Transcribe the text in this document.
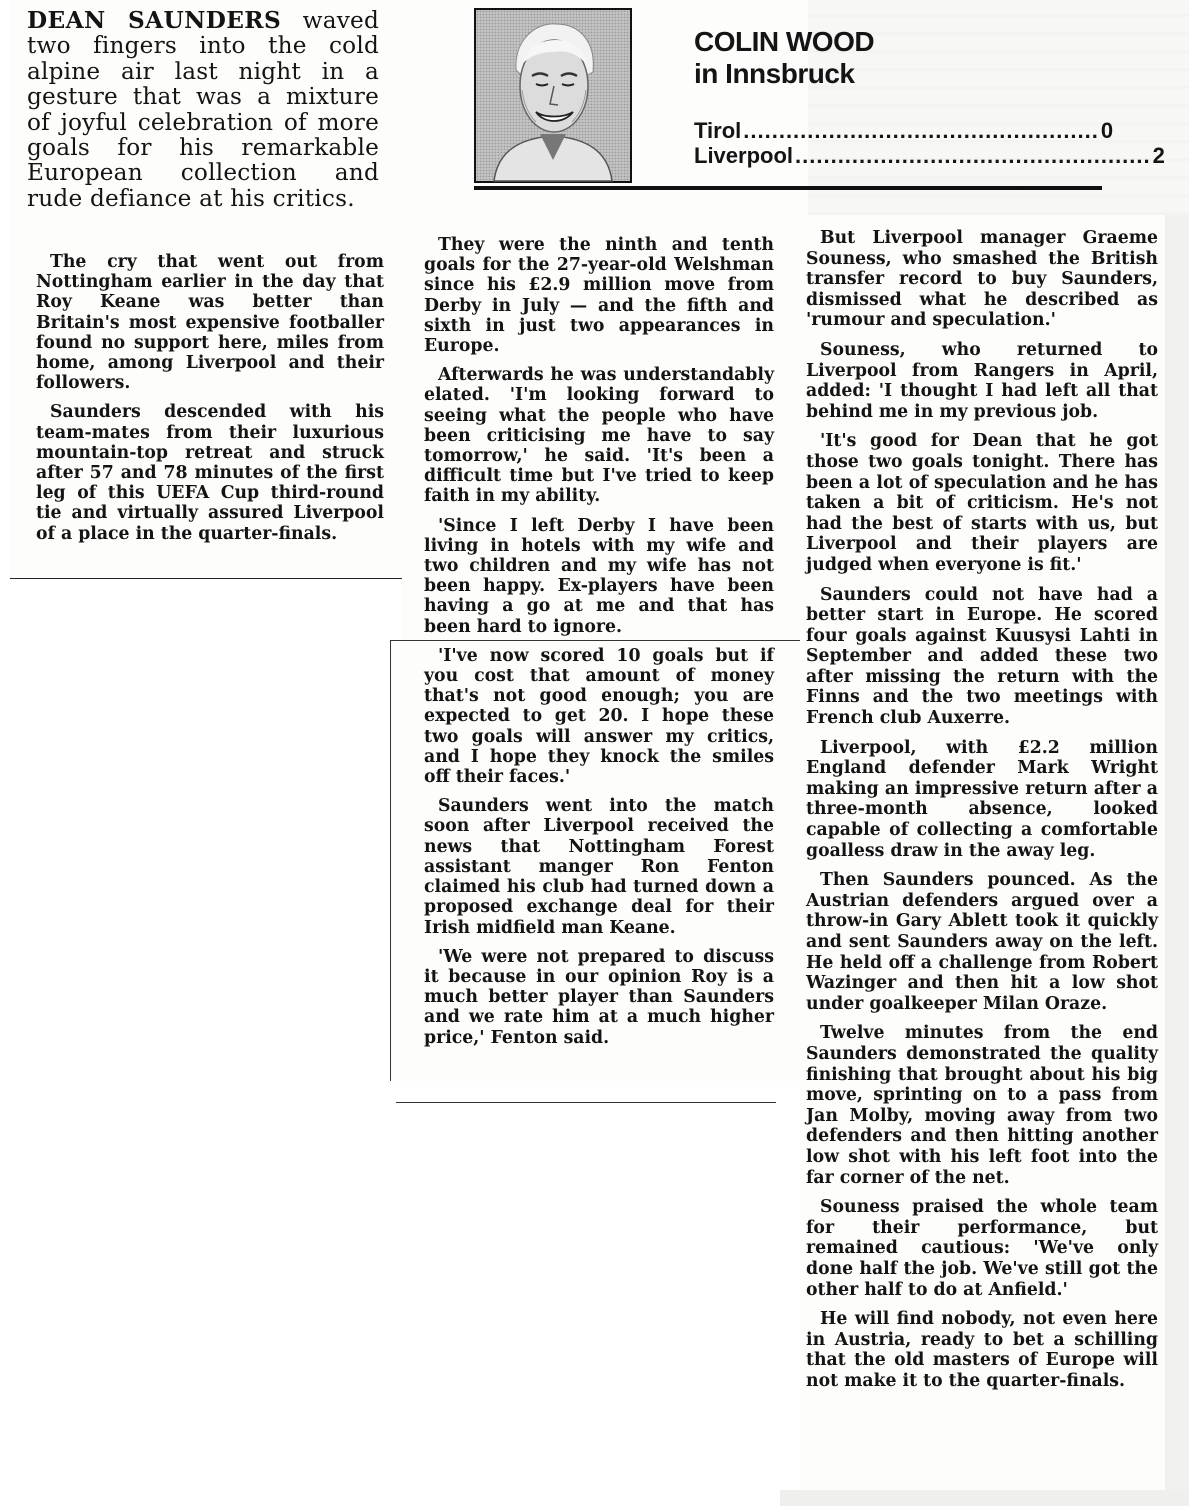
DEAN SAUNDERS waved two fingers into the cold alpine air last night in a gesture that was a mixture of joyful celebration of more goals for his remarkable European collection and rude defiance at his critics.
COLIN WOOD
in Innsbruck
Tirol .................................................. 0
Liverpool .................................................. 2

The cry that went out from Nottingham earlier in the day that Roy Keane was better than Britain's most expensive footballer found no support here, miles from home, among Liverpool and their followers.

Saunders descended with his team-mates from their luxurious mountain-top retreat and struck after 57 and 78 minutes of the first leg of this UEFA Cup third-round tie and virtually assured Liverpool of a place in the quarter-finals.

They were the ninth and tenth goals for the 27-year-old Welshman since his £2.9 million move from Derby in July — and the fifth and sixth in just two appearances in Europe.

Afterwards he was understandably elated. 'I'm looking forward to seeing what the people who have been criticising me have to say tomorrow,' he said. 'It's been a difficult time but I've tried to keep faith in my ability.

'Since I left Derby I have been living in hotels with my wife and two children and my wife has not been happy. Ex-players have been having a go at me and that has been hard to ignore.

'I've now scored 10 goals but if you cost that amount of money that's not good enough; you are expected to get 20. I hope these two goals will answer my critics, and I hope they knock the smiles off their faces.'

Saunders went into the match soon after Liverpool received the news that Nottingham Forest assistant manger Ron Fenton claimed his club had turned down a proposed exchange deal for their Irish midfield man Keane.

'We were not prepared to discuss it because in our opinion Roy is a much better player than Saunders and we rate him at a much higher price,' Fenton said.

But Liverpool manager Graeme Souness, who smashed the British transfer record to buy Saunders, dismissed what he described as 'rumour and speculation.'

Souness, who returned to Liverpool from Rangers in April, added: 'I thought I had left all that behind me in my previous job.

'It's good for Dean that he got those two goals tonight. There has been a lot of speculation and he has taken a bit of criticism. He's not had the best of starts with us, but Liverpool and their players are judged when everyone is fit.'

Saunders could not have had a better start in Europe. He scored four goals against Kuusysi Lahti in September and added these two after missing the return with the Finns and the two meetings with French club Auxerre.

Liverpool, with £2.2 million England defender Mark Wright making an impressive return after a three-month absence, looked capable of collecting a comfortable goalless draw in the away leg.

Then Saunders pounced. As the Austrian defenders argued over a throw-in Gary Ablett took it quickly and sent Saunders away on the left. He held off a challenge from Robert Wazinger and then hit a low shot under goalkeeper Milan Oraze.

Twelve minutes from the end Saunders demonstrated the quality finishing that brought about his big move, sprinting on to a pass from Jan Molby, moving away from two defenders and then hitting another low shot with his left foot into the far corner of the net.

Souness praised the whole team for their performance, but remained cautious: 'We've only done half the job. We've still got the other half to do at Anfield.'

He will find nobody, not even here in Austria, ready to bet a schilling that the old masters of Europe will not make it to the quarter-finals.
